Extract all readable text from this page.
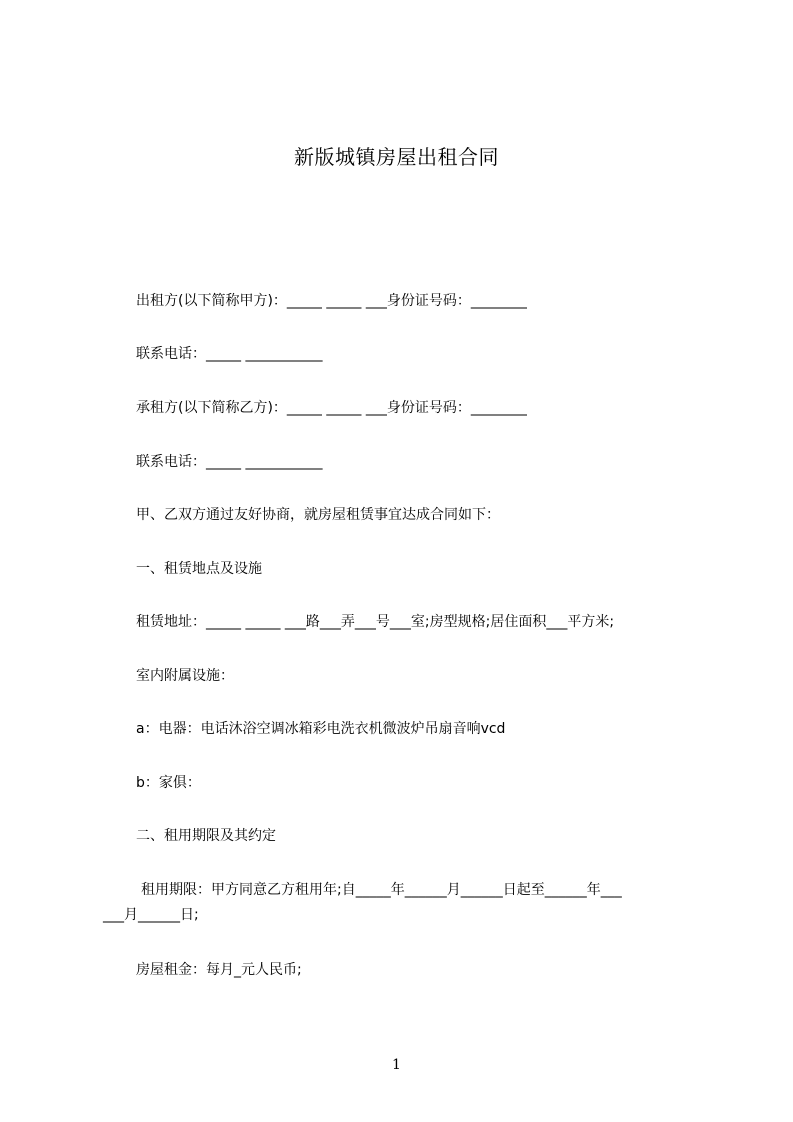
新版城镇房屋出租合同
出租方(以下简称甲方)：_____ _____ ___身份证号码：________
联系电话：_____ ___________
承租方(以下简称乙方)：_____ _____ ___身份证号码：________
联系电话：_____ ___________
甲、乙双方通过友好协商，就房屋租赁事宜达成合同如下：
一、租赁地点及设施
租赁地址：_____ _____ ___路___弄___号___室;房型规格;居住面积___平方米;
室内附属设施：
a：电器：电话沐浴空调冰箱彩电洗衣机微波炉吊扇音响vcd
b：家俱：
二、租用期限及其约定
租用期限：甲方同意乙方租用年;自_____年______月______日起至______年___
___月______日;
房屋租金：每月_元人民币;
1
